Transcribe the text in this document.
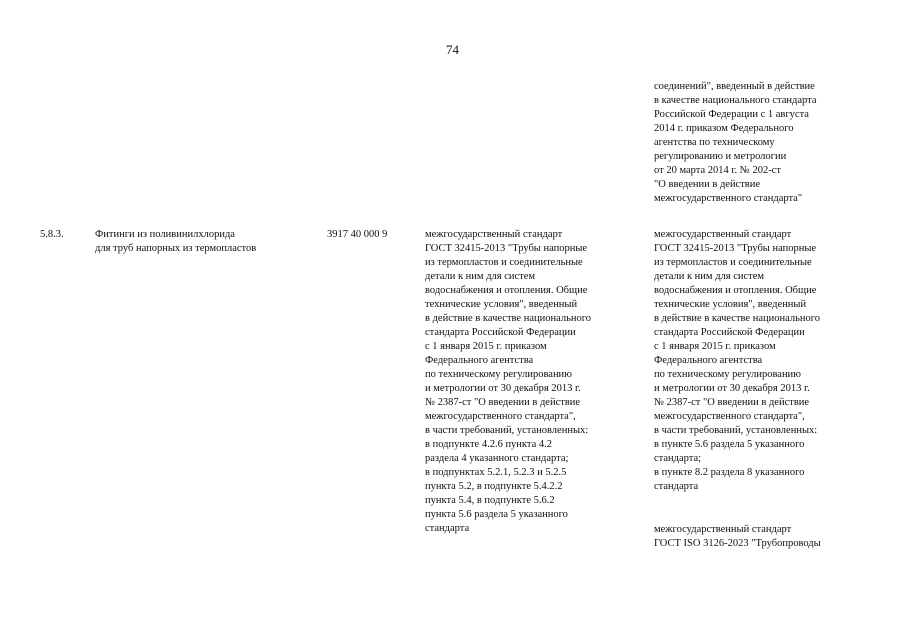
74
соединений", введенный в действие
в качестве национального стандарта
Российской Федерации с 1 августа
2014 г. приказом Федерального
агентства по техническому
регулированию и метрологии
от 20 марта 2014 г. № 202-ст
"О введении в действие
межгосударственного стандарта"
5.8.3.	Фитинги из поливинилхлорида
для труб напорных из термопластов
3917 40 000 9	межгосударственный стандарт
ГОСТ 32415-2013 "Трубы напорные
из термопластов и соединительные
детали к ним для систем
водоснабжения и отопления. Общие
технические условия", введенный
в действие в качестве национального
стандарта Российской Федерации
с 1 января 2015 г. приказом
Федерального агентства
по техническому регулированию
и метрологии от 30 декабря 2013 г.
№ 2387-ст "О введении в действие
межгосударственного стандарта",
в части требований, установленных:
в подпункте 4.2.6 пункта 4.2
раздела 4 указанного стандарта;
в подпунктах 5.2.1, 5.2.3 и 5.2.5
пункта 5.2, в подпункте 5.4.2.2
пункта 5.4, в подпункте 5.6.2
пункта 5.6 раздела 5 указанного
стандарта
межгосударственный стандарт
ГОСТ 32415-2013 "Трубы напорные
из термопластов и соединительные
детали к ним для систем
водоснабжения и отопления. Общие
технические условия", введенный
в действие в качестве национального
стандарта Российской Федерации
с 1 января 2015 г. приказом
Федерального агентства
по техническому регулированию
и метрологии от 30 декабря 2013 г.
№ 2387-ст "О введении в действие
межгосударственного стандарта",
в части требований, установленных:
в пункте 5.6 раздела 5 указанного
стандарта;
в пункте 8.2 раздела 8 указанного
стандарта
межгосударственный стандарт
ГОСТ ISO 3126-2023 "Трубопроводы
